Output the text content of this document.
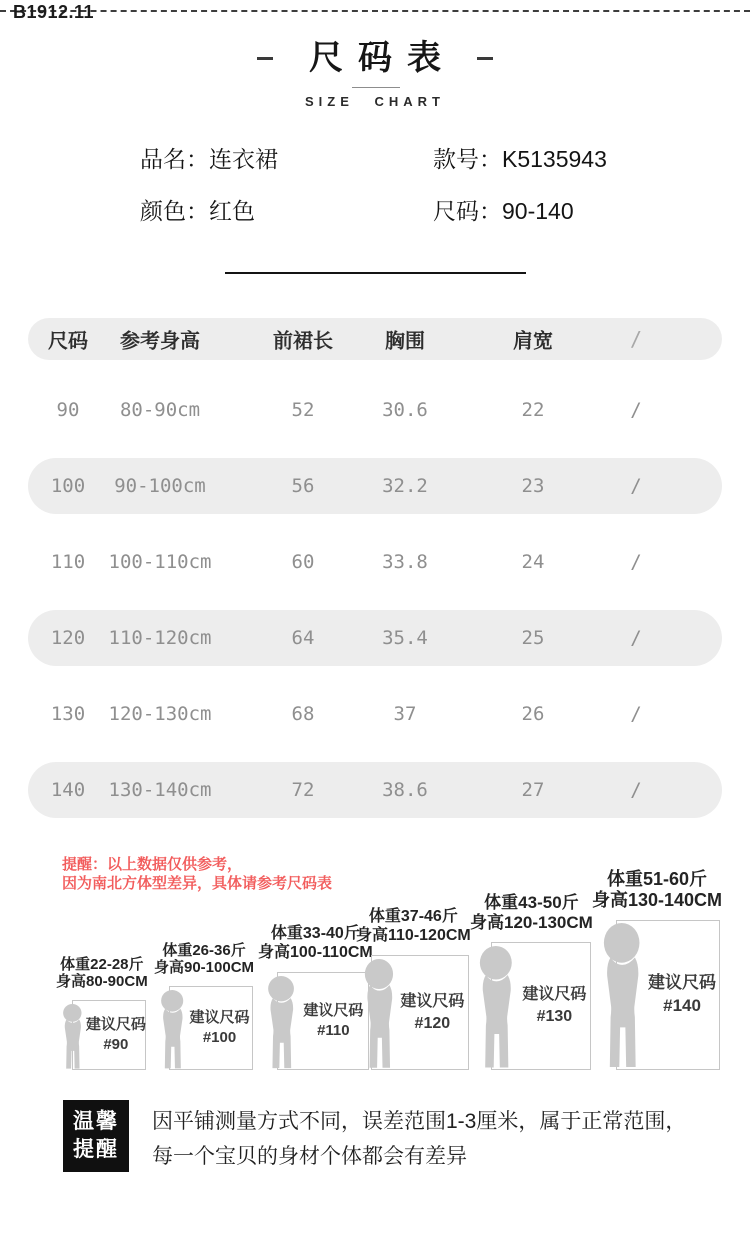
B1912.11
尺码表
SIZE CHART
品名：连衣裙	款号：K5135943
颜色：红色	尺码：90-140
尺码	参考身高	前裙长	胸围	肩宽	/
90	80-90cm	52	30.6	22	/
100	90-100cm	56	32.2	23	/
110	100-110cm	60	33.8	24	/
120	110-120cm	64	35.4	25	/
130	120-130cm	68	37	26	/
140	130-140cm	72	38.6	27	/
提醒：以上数据仅供参考，
因为南北方体型差异，具体请参考尺码表
体重22-28斤
身高80-90CM
建议尺码
#90
体重26-36斤
身高90-100CM
建议尺码
#100
体重33-40斤
身高100-110CM
建议尺码
#110
体重37-46斤
身高110-120CM
建议尺码
#120
体重43-50斤
身高120-130CM
建议尺码
#130
体重51-60斤
身高130-140CM
建议尺码
#140
温馨
提醒
因平铺测量方式不同，误差范围1-3厘米，属于正常范围，
每一个宝贝的身材个体都会有差异
